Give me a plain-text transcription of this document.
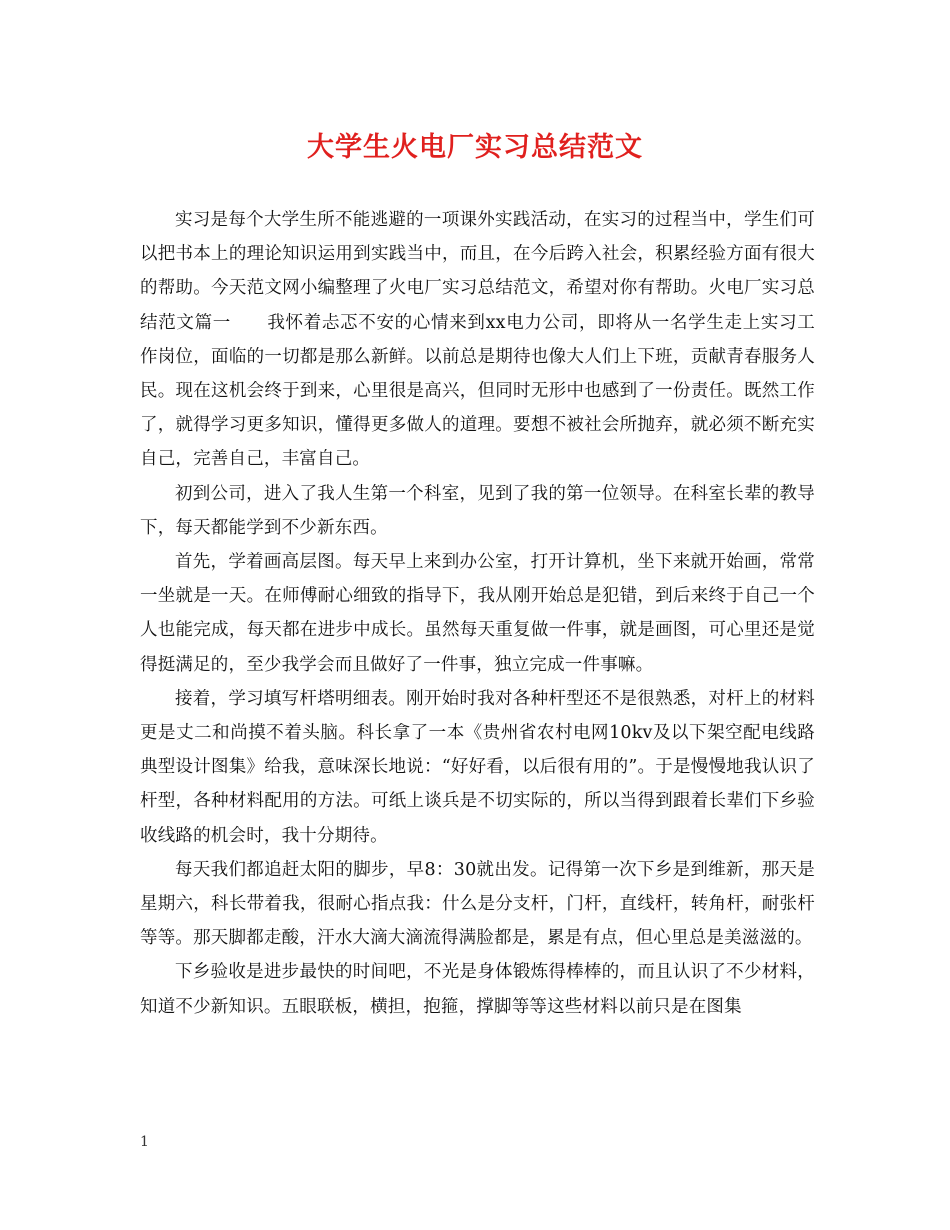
大学生火电厂实习总结范文

实习是每个大学生所不能逃避的一项课外实践活动，在实习的过程当中，学生们可以把书本上的理论知识运用到实践当中，而且，在今后跨入社会，积累经验方面有很大的帮助。今天范文网小编整理了火电厂实习总结范文，希望对你有帮助。火电厂实习总结范文篇一　　我怀着忐忑不安的心情来到xx电力公司，即将从一名学生走上实习工作岗位，面临的一切都是那么新鲜。以前总是期待也像大人们上下班，贡献青春服务人民。现在这机会终于到来，心里很是高兴，但同时无形中也感到了一份责任。既然工作了，就得学习更多知识，懂得更多做人的道理。要想不被社会所抛弃，就必须不断充实自己，完善自己，丰富自己。

初到公司，进入了我人生第一个科室，见到了我的第一位领导。在科室长辈的教导下，每天都能学到不少新东西。

首先，学着画高层图。每天早上来到办公室，打开计算机，坐下来就开始画，常常一坐就是一天。在师傅耐心细致的指导下，我从刚开始总是犯错，到后来终于自己一个人也能完成，每天都在进步中成长。虽然每天重复做一件事，就是画图，可心里还是觉得挺满足的，至少我学会而且做好了一件事，独立完成一件事嘛。

接着，学习填写杆塔明细表。刚开始时我对各种杆型还不是很熟悉，对杆上的材料更是丈二和尚摸不着头脑。科长拿了一本《贵州省农村电网10kv及以下架空配电线路典型设计图集》给我，意味深长地说：“好好看，以后很有用的”。于是慢慢地我认识了杆型，各种材料配用的方法。可纸上谈兵是不切实际的，所以当得到跟着长辈们下乡验收线路的机会时，我十分期待。

每天我们都追赶太阳的脚步，早8：30就出发。记得第一次下乡是到维新，那天是星期六，科长带着我，很耐心指点我：什么是分支杆，门杆，直线杆，转角杆，耐张杆等等。那天脚都走酸，汗水大滴大滴流得满脸都是，累是有点，但心里总是美滋滋的。

下乡验收是进步最快的时间吧，不光是身体锻炼得棒棒的，而且认识了不少材料，知道不少新知识。五眼联板，横担，抱箍，撑脚等等这些材料以前只是在图集

1
